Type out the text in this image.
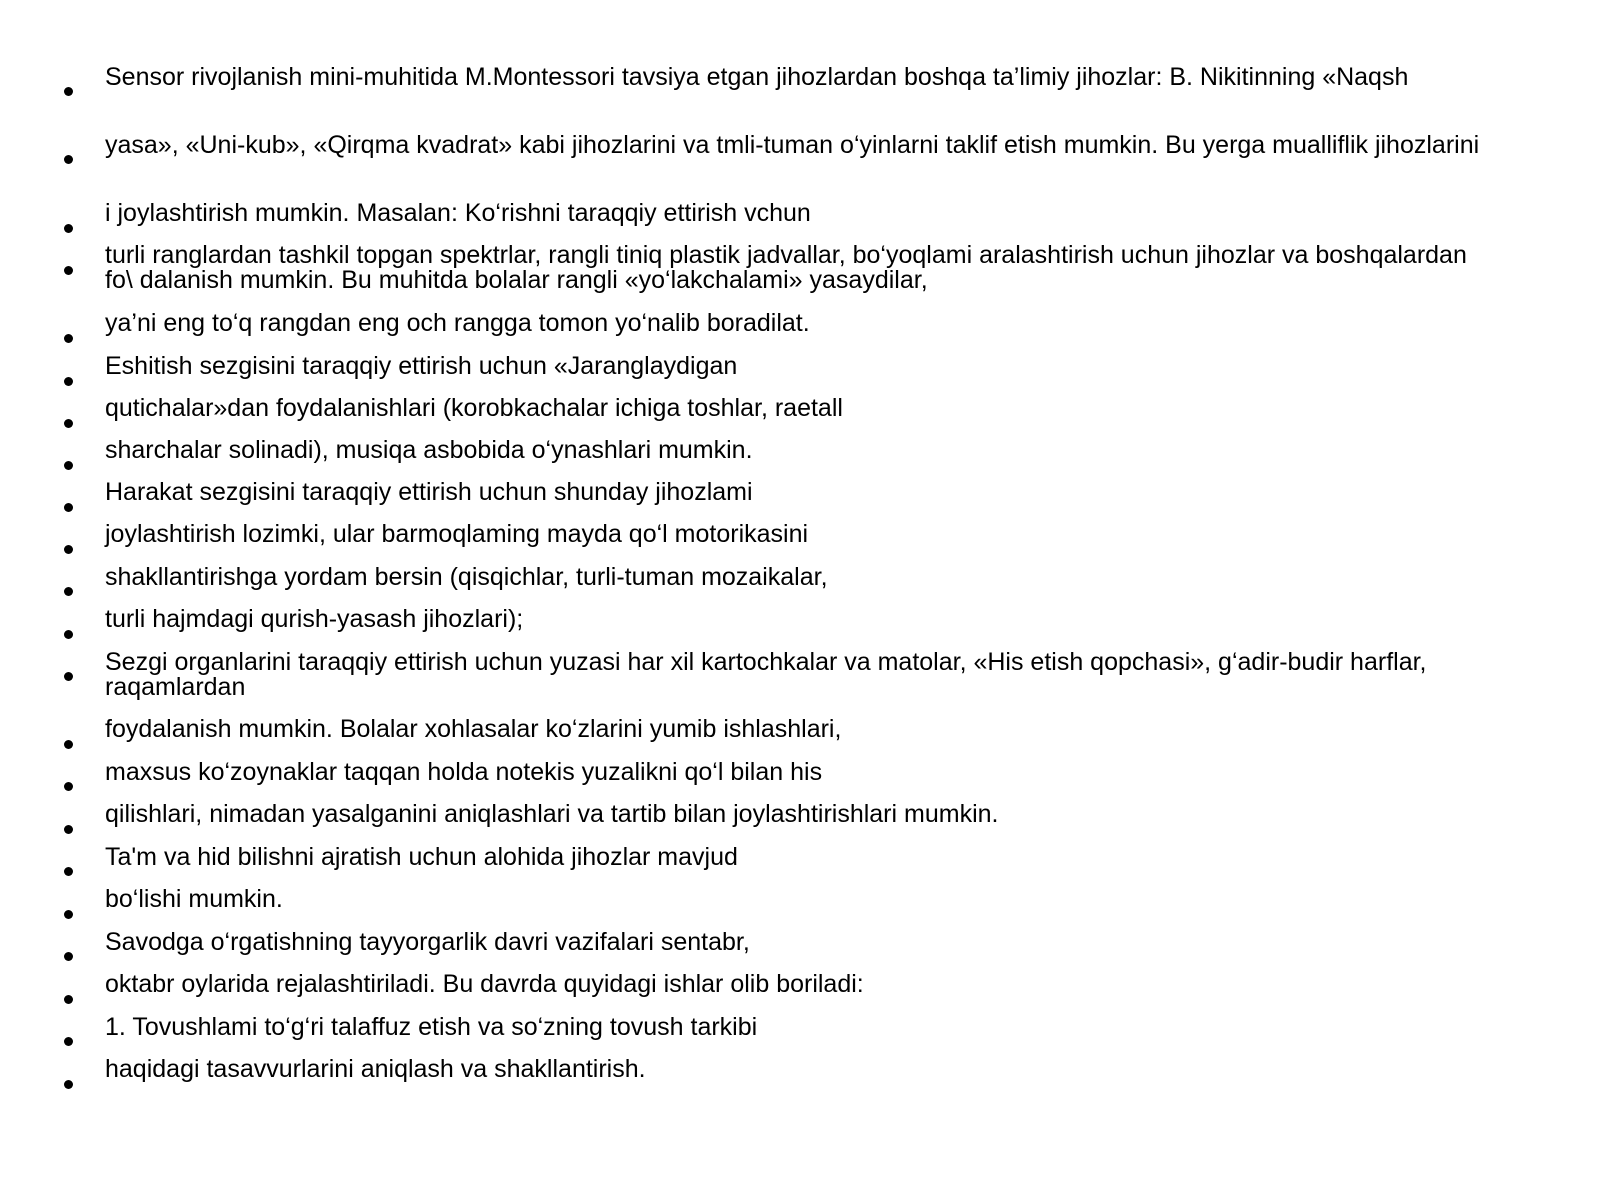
Sensor rivojlanish mini-muhitida M.Montessori tavsiya etgan jihozlardan boshqa ta’limiy jihozlar: B. Nikitinning «Naqsh
yasa», «Uni-kub», «Qirqma kvadrat» kabi jihozlarini va tmli-tuman o‘yinlarni taklif etish mumkin. Bu yerga mualliflik jihozlarini
i joylashtirish mumkin. Masalan: Ko‘rishni taraqqiy ettirish vchun
turli ranglardan tashkil topgan spektrlar, rangli tiniq plastik jadvallar, bo‘yoqlami aralashtirish uchun jihozlar va boshqalardan fo\ dalanish mumkin. Bu muhitda bolalar rangli «yo‘lakchalami» yasaydilar,
ya’ni eng to‘q rangdan eng och rangga tomon yo‘nalib boradilat.
Eshitish sezgisini taraqqiy ettirish uchun «Jaranglaydigan
qutichalar»dan foydalanishlari (korobkachalar ichiga toshlar, raetall
sharchalar solinadi), musiqa asbobida o‘ynashlari mumkin.
Harakat sezgisini taraqqiy ettirish uchun shunday jihozlami
joylashtirish lozimki, ular barmoqlaming mayda qo‘l motorikasini
shakllantirishga yordam bersin (qisqichlar, turli-tuman mozaikalar,
turli hajmdagi qurish-yasash jihozlari);
Sezgi organlarini taraqqiy ettirish uchun yuzasi har xil kartochkalar va matolar, «His etish qopchasi», g‘adir-budir harflar, raqamlardan
foydalanish mumkin. Bolalar xohlasalar ko‘zlarini yumib ishlashlari,
maxsus ko‘zoynaklar taqqan holda notekis yuzalikni qo‘l bilan his
qilishlari, nimadan yasalganini aniqlashlari va tartib bilan joylashtirishlari mumkin.
Ta'm va hid bilishni ajratish uchun alohida jihozlar mavjud
bo‘lishi mumkin.
Savodga o‘rgatishning tayyorgarlik davri vazifalari sentabr,
oktabr oylarida rejalashtiriladi. Bu davrda quyidagi ishlar olib boriladi:
1. Tovushlami to‘g‘ri talaffuz etish va so‘zning tovush tarkibi
haqidagi tasavvurlarini aniqlash va shakllantirish.
